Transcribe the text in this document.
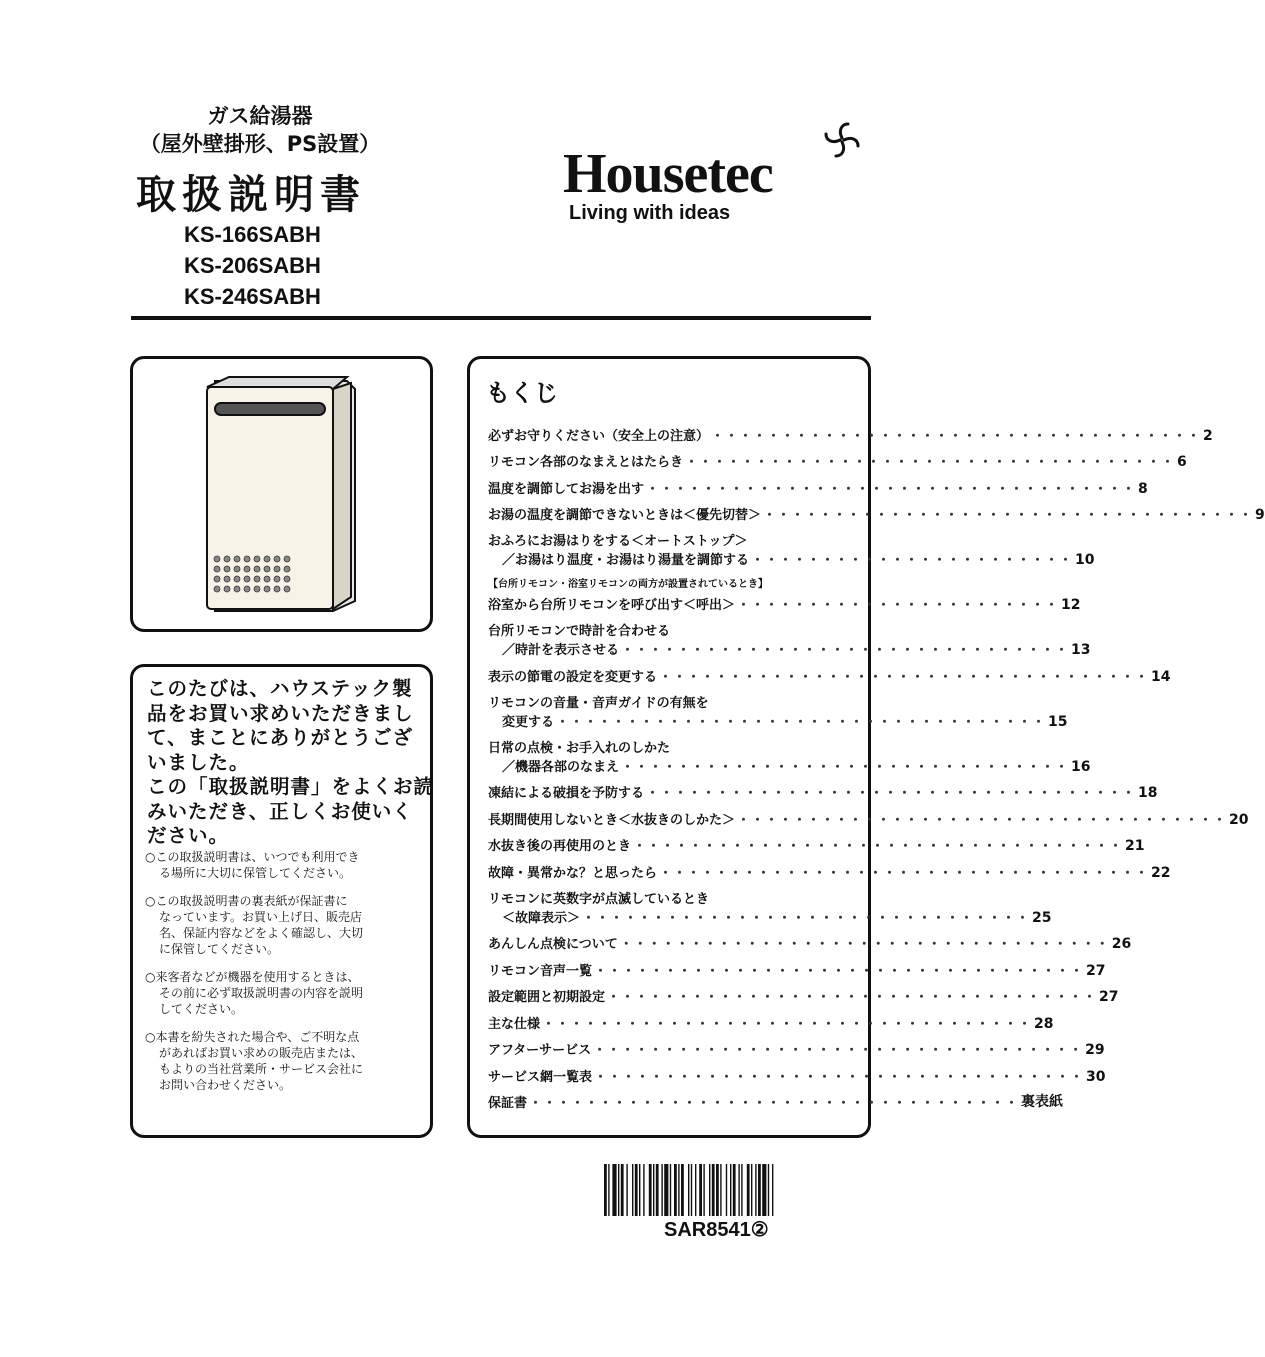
ガス給湯器
（屋外壁掛形、PS設置）
取扱説明書
KS-166SABH
KS-206SABH
KS-246SABH
Housetec
Living with ideas
このたびは、ハウステック製
品をお買い求めいただきまし
て、まことにありがとうござ
いました。
この「取扱説明書」をよくお読
みいただき、正しくお使いく
ださい。
○この取扱説明書は、いつでも利用でき
る場所に大切に保管してください。
○この取扱説明書の裏表紙が保証書に
なっています。お買い上げ日、販売店
名、保証内容などをよく確認し、大切
に保管してください。
○来客者などが機器を使用するときは、
その前に必ず取扱説明書の内容を説明
してください。
○本書を紛失された場合や、ご不明な点
があればお買い求めの販売店または、
もよりの当社営業所・サービス会社に
お問い合わせください。
もくじ
必ずお守りください（安全上の注意） ・・・・・・・・・・・・・・・・・・・・・・・・・・・・・・・・・・・ 2
リモコン各部のなまえとはたらき ・・・・・・・・・・・・・・・・・・・・・・・・・・・・・・・・・・・ 6
温度を調節してお湯を出す ・・・・・・・・・・・・・・・・・・・・・・・・・・・・・・・・・・・ 8
お湯の温度を調節できないときは＜優先切替＞ ・・・・・・・・・・・・・・・・・・・・・・・・・・・・・・・・・・・ 9
おふろにお湯はりをする＜オートストップ＞
／お湯はり温度・お湯はり湯量を調節する ・・・・・・・・・・・・・・・・・・・・・・・ 10
【台所リモコン・浴室リモコンの両方が設置されているとき】
浴室から台所リモコンを呼び出す＜呼出＞ ・・・・・・・・・・・・・・・・・・・・・・・ 12
台所リモコンで時計を合わせる
／時計を表示させる ・・・・・・・・・・・・・・・・・・・・・・・・・・・・・・・・ 13
表示の節電の設定を変更する ・・・・・・・・・・・・・・・・・・・・・・・・・・・・・・・・・・・ 14
リモコンの音量・音声ガイドの有無を
変更する ・・・・・・・・・・・・・・・・・・・・・・・・・・・・・・・・・・・ 15
日常の点検・お手入れのしかた
／機器各部のなまえ ・・・・・・・・・・・・・・・・・・・・・・・・・・・・・・・・ 16
凍結による破損を予防する ・・・・・・・・・・・・・・・・・・・・・・・・・・・・・・・・・・・ 18
長期間使用しないとき＜水抜きのしかた＞ ・・・・・・・・・・・・・・・・・・・・・・・・・・・・・・・・・・・ 20
水抜き後の再使用のとき ・・・・・・・・・・・・・・・・・・・・・・・・・・・・・・・・・・・ 21
故障・異常かな？と思ったら ・・・・・・・・・・・・・・・・・・・・・・・・・・・・・・・・・・・ 22
リモコンに英数字が点滅しているとき
＜故障表示＞ ・・・・・・・・・・・・・・・・・・・・・・・・・・・・・・・・ 25
あんしん点検について ・・・・・・・・・・・・・・・・・・・・・・・・・・・・・・・・・・・ 26
リモコン音声一覧 ・・・・・・・・・・・・・・・・・・・・・・・・・・・・・・・・・・・ 27
設定範囲と初期設定 ・・・・・・・・・・・・・・・・・・・・・・・・・・・・・・・・・・・ 27
主な仕様 ・・・・・・・・・・・・・・・・・・・・・・・・・・・・・・・・・・・ 28
アフターサービス ・・・・・・・・・・・・・・・・・・・・・・・・・・・・・・・・・・・ 29
サービス網一覧表 ・・・・・・・・・・・・・・・・・・・・・・・・・・・・・・・・・・・ 30
保証書 ・・・・・・・・・・・・・・・・・・・・・・・・・・・・・・・・・・・ 裏表紙
SAR8541②
